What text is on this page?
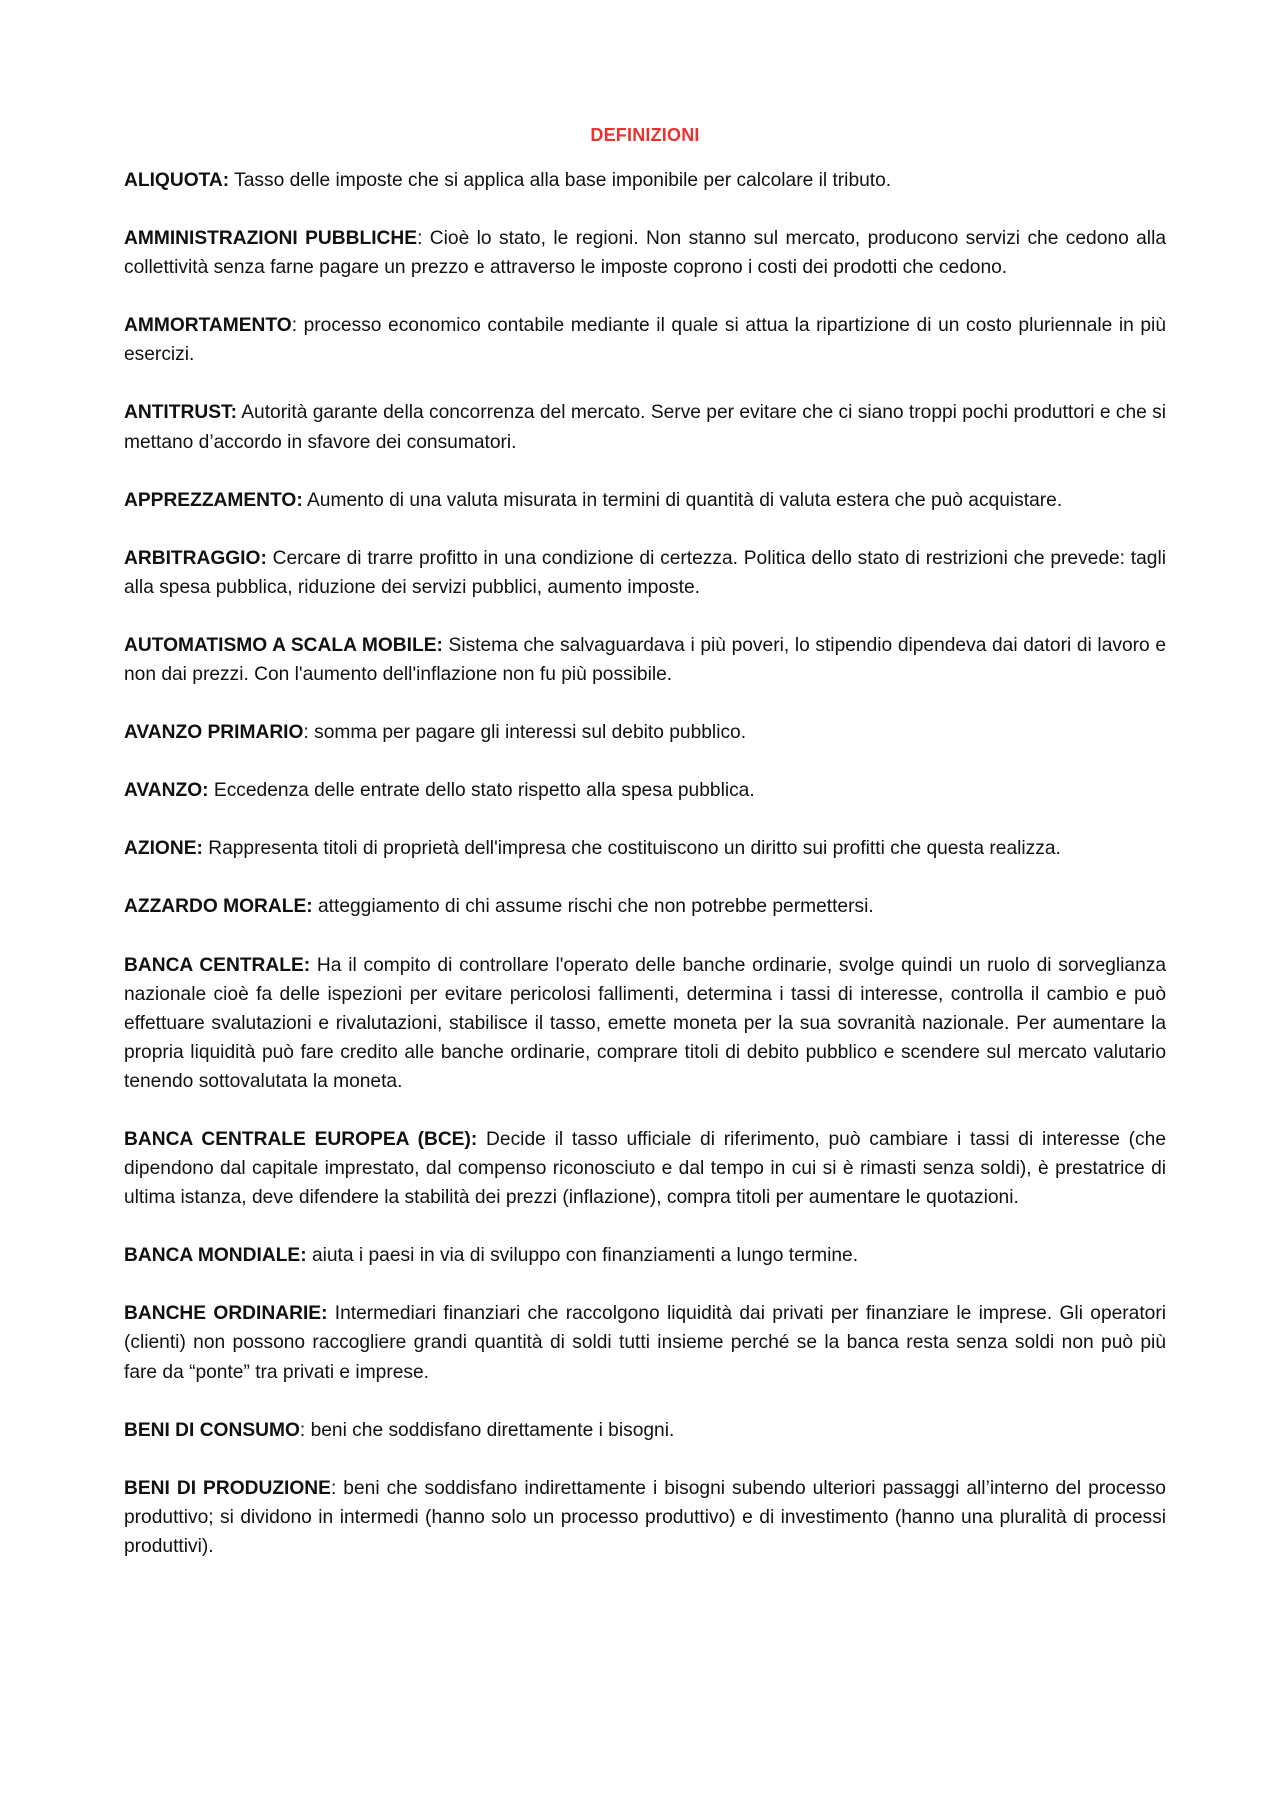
DEFINIZIONI

ALIQUOTA: Tasso delle imposte che si applica alla base imponibile per calcolare il tributo.

AMMINISTRAZIONI PUBBLICHE: Cioè lo stato, le regioni. Non stanno sul mercato, producono servizi che cedono alla collettività senza farne pagare un prezzo e attraverso le imposte coprono i costi dei prodotti che cedono.

AMMORTAMENTO: processo economico contabile mediante il quale si attua la ripartizione di un costo pluriennale in più esercizi.

ANTITRUST: Autorità garante della concorrenza del mercato. Serve per evitare che ci siano troppi pochi produttori e che si mettano d’accordo in sfavore dei consumatori.

APPREZZAMENTO: Aumento di una valuta misurata in termini di quantità di valuta estera che può acquistare.

ARBITRAGGIO: Cercare di trarre profitto in una condizione di certezza. Politica dello stato di restrizioni che prevede: tagli alla spesa pubblica, riduzione dei servizi pubblici, aumento imposte.

AUTOMATISMO A SCALA MOBILE: Sistema che salvaguardava i più poveri, lo stipendio dipendeva dai datori di lavoro e non dai prezzi. Con l'aumento dell'inflazione non fu più possibile.

AVANZO PRIMARIO: somma per pagare gli interessi sul debito pubblico.

AVANZO: Eccedenza delle entrate dello stato rispetto alla spesa pubblica.

AZIONE: Rappresenta titoli di proprietà dell'impresa che costituiscono un diritto sui profitti che questa realizza.

AZZARDO MORALE: atteggiamento di chi assume rischi che non potrebbe permettersi.

BANCA CENTRALE: Ha il compito di controllare l'operato delle banche ordinarie, svolge quindi un ruolo di sorveglianza nazionale cioè fa delle ispezioni per evitare pericolosi fallimenti, determina i tassi di interesse, controlla il cambio e può effettuare svalutazioni e rivalutazioni, stabilisce il tasso, emette moneta per la sua sovranità nazionale. Per aumentare la propria liquidità può fare credito alle banche ordinarie, comprare titoli di debito pubblico e scendere sul mercato valutario tenendo sottovalutata la moneta.

BANCA CENTRALE EUROPEA (BCE): Decide il tasso ufficiale di riferimento, può cambiare i tassi di interesse (che dipendono dal capitale imprestato, dal compenso riconosciuto e dal tempo in cui si è rimasti senza soldi), è prestatrice di ultima istanza, deve difendere la stabilità dei prezzi (inflazione), compra titoli per aumentare le quotazioni.

BANCA MONDIALE: aiuta i paesi in via di sviluppo con finanziamenti a lungo termine.

BANCHE ORDINARIE: Intermediari finanziari che raccolgono liquidità dai privati per finanziare le imprese. Gli operatori (clienti) non possono raccogliere grandi quantità di soldi tutti insieme perché se la banca resta senza soldi non può più fare da “ponte” tra privati e imprese.

BENI DI CONSUMO: beni che soddisfano direttamente i bisogni.

BENI DI PRODUZIONE: beni che soddisfano indirettamente i bisogni subendo ulteriori passaggi all’interno del processo produttivo; si dividono in intermedi (hanno solo un processo produttivo) e di investimento (hanno una pluralità di processi produttivi).
